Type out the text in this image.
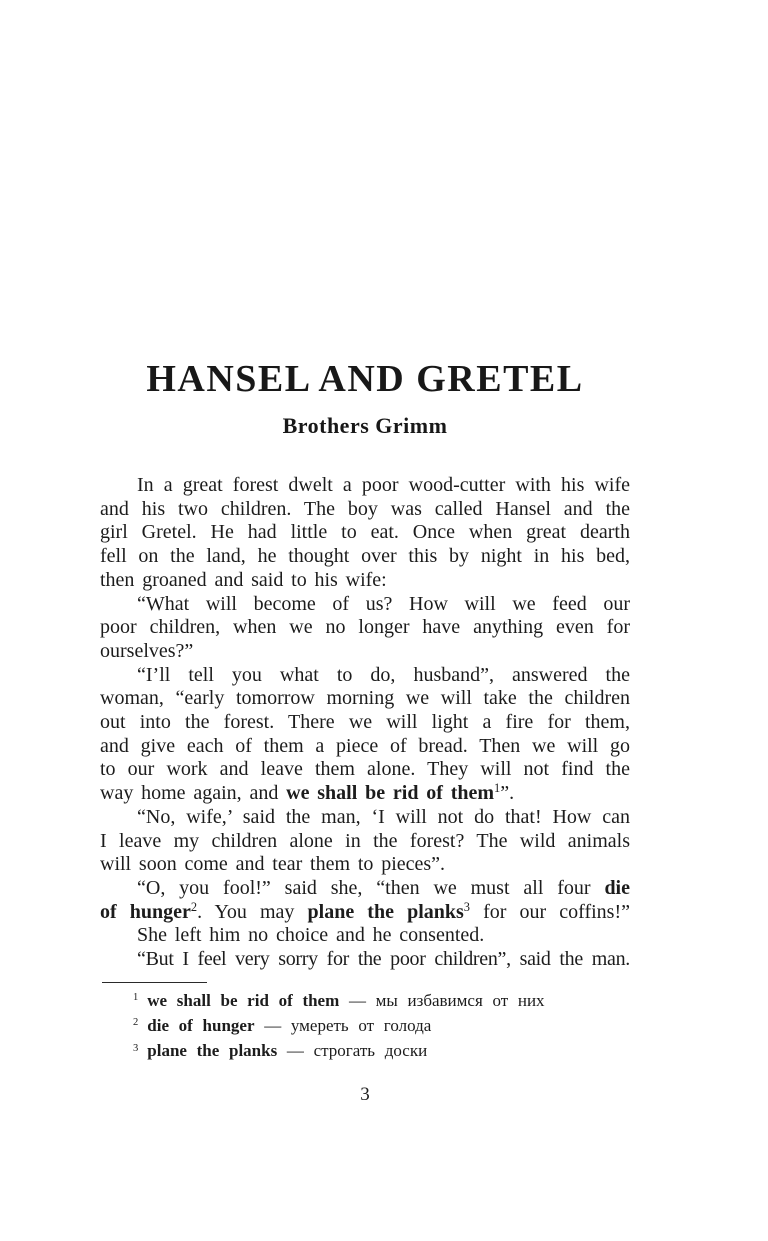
HANSEL AND GRETEL
Brothers Grimm
In a great forest dwelt a poor wood-cutter with his wife
and his two children. The boy was called Hansel and the
girl Gretel. He had little to eat. Once when great dearth
fell on the land, he thought over this by night in his bed,
then groaned and said to his wife:
“What will become of us? How will we feed our
poor children, when we no longer have anything even for
ourselves?”
“I’ll tell you what to do, husband”, answered the
woman, “early tomorrow morning we will take the children
out into the forest. There we will light a fire for them,
and give each of them a piece of bread. Then we will go
to our work and leave them alone. They will not find the
way home again, and we shall be rid of them$^1$”.
“No, wife,’ said the man, ‘I will not do that! How can
I leave my children alone in the forest? The wild animals
will soon come and tear them to pieces”.
“O, you fool!” said she, “then we must all four die
of hunger$^2$. You may plane the planks$^3$ for our coffins!”
She left him no choice and he consented.
“But I feel very sorry for the poor children”, said the man.
$^1$ we shall be rid of them — мы избавимся от них
$^2$ die of hunger — умереть от голода
$^3$ plane the planks — строгать доски
3
